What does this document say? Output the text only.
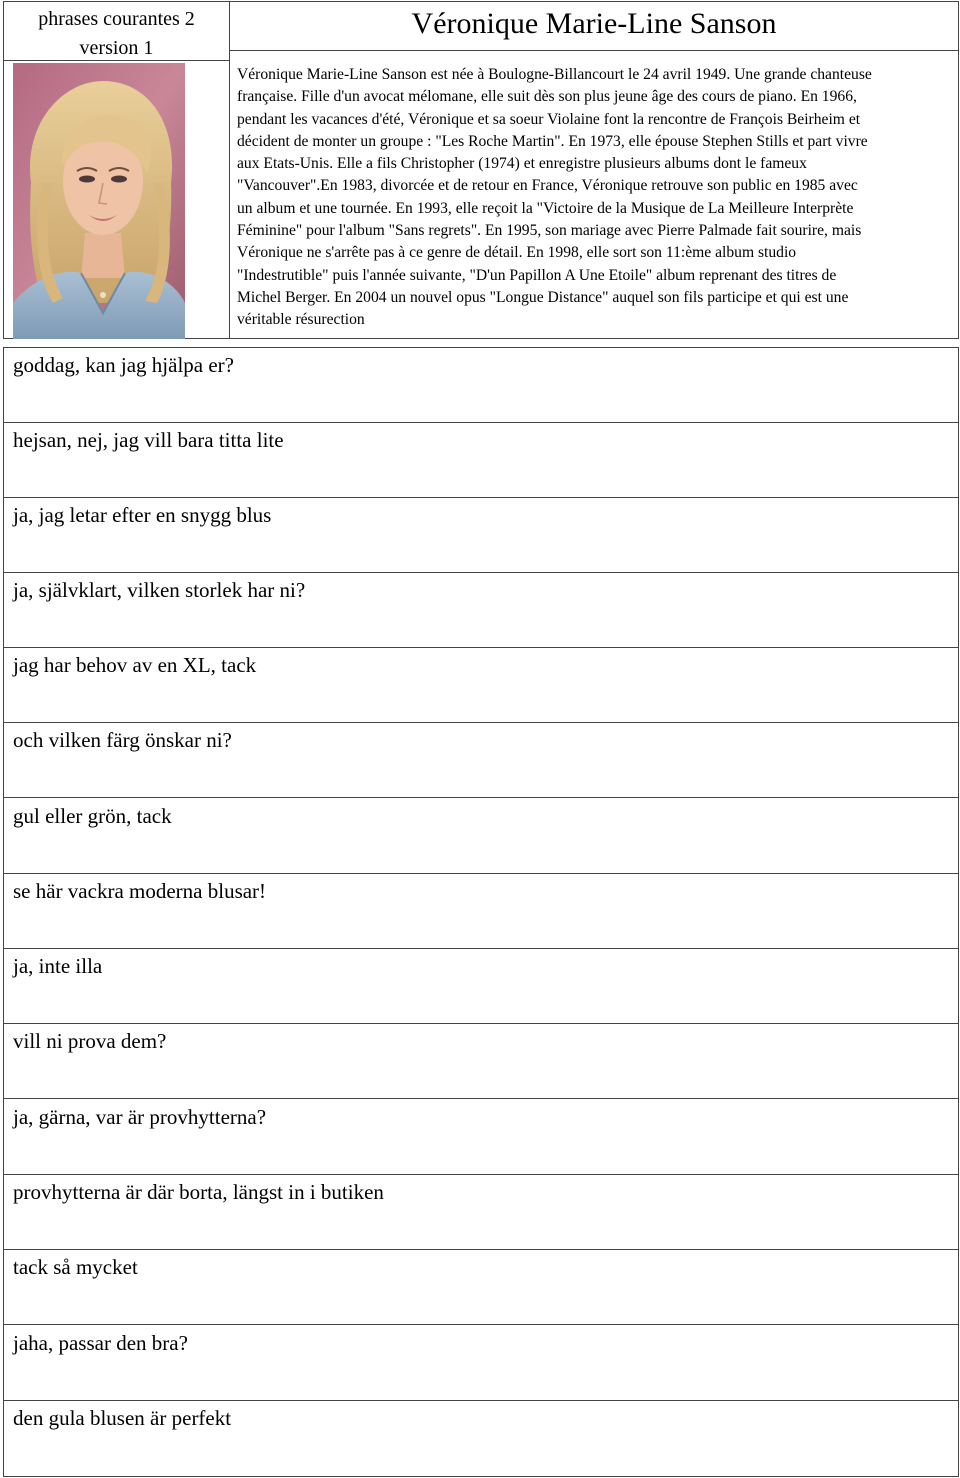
phrases courantes 2
version 1
Véronique Marie-Line Sanson
Véronique Marie-Line Sanson est née à Boulogne-Billancourt le 24 avril 1949. Une grande chanteuse
française. Fille d'un avocat mélomane, elle suit dès son plus jeune âge des cours de piano. En 1966,
pendant les vacances d'été, Véronique et sa soeur Violaine font la rencontre de François Beirheim et
décident de monter un groupe : "Les Roche Martin". En 1973, elle épouse Stephen Stills et part vivre
aux Etats-Unis. Elle a fils Christopher (1974) et enregistre plusieurs albums dont le fameux
"Vancouver".En 1983, divorcée et de retour en France, Véronique retrouve son public en 1985 avec
un album et une tournée. En 1993, elle reçoit la "Victoire de la Musique de La Meilleure Interprète
Féminine" pour l'album "Sans regrets". En 1995, son mariage avec Pierre Palmade fait sourire, mais
Véronique ne s'arrête pas à ce genre de détail. En 1998, elle sort son 11:ème album studio
"Indestrutible" puis l'année suivante, "D'un Papillon A Une Etoile" album reprenant des titres de
Michel Berger. En 2004 un nouvel opus "Longue Distance" auquel son fils participe et qui est une
véritable résurection
goddag, kan jag hjälpa er?
hejsan, nej, jag vill bara titta lite
ja, jag letar efter en snygg blus
ja, självklart, vilken storlek har ni?
jag har behov av en XL, tack
och vilken färg önskar ni?
gul eller grön, tack
se här vackra moderna blusar!
ja, inte illa
vill ni prova dem?
ja, gärna, var är provhytterna?
provhytterna är där borta, längst in i butiken
tack så mycket
jaha, passar den bra?
den gula blusen är perfekt
